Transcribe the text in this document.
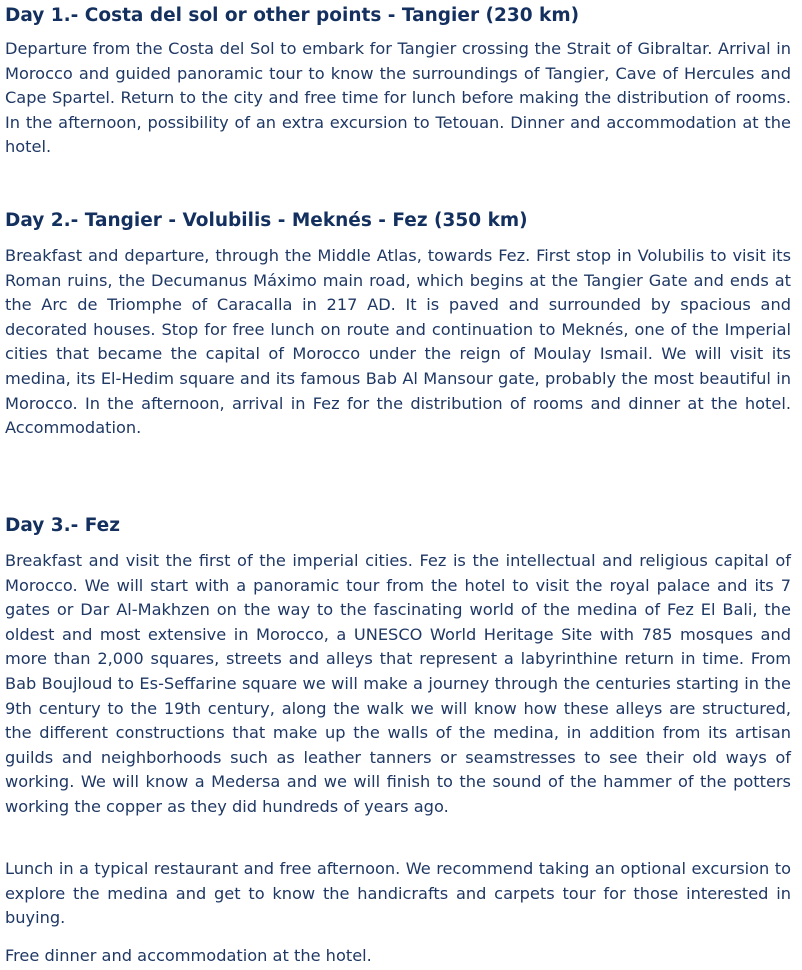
Day 1.- Costa del sol or other points - Tangier (230 km)

Departure from the Costa del Sol to embark for Tangier crossing the Strait of Gibraltar. Arrival in Morocco and guided panoramic tour to know the surroundings of Tangier, Cave of Hercules and Cape Spartel. Return to the city and free time for lunch before making the distribution of rooms. In the afternoon, possibility of an extra excursion to Tetouan. Dinner and accommodation at the hotel.

Day 2.- Tangier - Volubilis - Meknés - Fez (350 km)

Breakfast and departure, through the Middle Atlas, towards Fez. First stop in Volubilis to visit its Roman ruins, the Decumanus Máximo main road, which begins at the Tangier Gate and ends at the Arc de Triomphe of Caracalla in 217 AD. It is paved and surrounded by spacious and decorated houses. Stop for free lunch on route and continuation to Meknés, one of the Imperial cities that became the capital of Morocco under the reign of Moulay Ismail. We will visit its medina, its El-Hedim square and its famous Bab Al Mansour gate, probably the most beautiful in Morocco. In the afternoon, arrival in Fez for the distribution of rooms and dinner at the hotel. Accommodation.

Day 3.- Fez

Breakfast and visit the first of the imperial cities. Fez is the intellectual and religious capital of Morocco. We will start with a panoramic tour from the hotel to visit the royal palace and its 7 gates or Dar Al-Makhzen on the way to the fascinating world of the medina of Fez El Bali, the oldest and most extensive in Morocco, a UNESCO World Heritage Site with 785 mosques and more than 2,000 squares, streets and alleys that represent a labyrinthine return in time. From Bab Boujloud to Es-Seffarine square we will make a journey through the centuries starting in the 9th century to the 19th century, along the walk we will know how these alleys are structured, the different constructions that make up the walls of the medina, in addition from its artisan guilds and neighborhoods such as leather tanners or seamstresses to see their old ways of working. We will know a Medersa and we will finish to the sound of the hammer of the potters working the copper as they did hundreds of years ago.

Lunch in a typical restaurant and free afternoon. We recommend taking an optional excursion to explore the medina and get to know the handicrafts and carpets tour for those interested in buying.

Free dinner and accommodation at the hotel.
